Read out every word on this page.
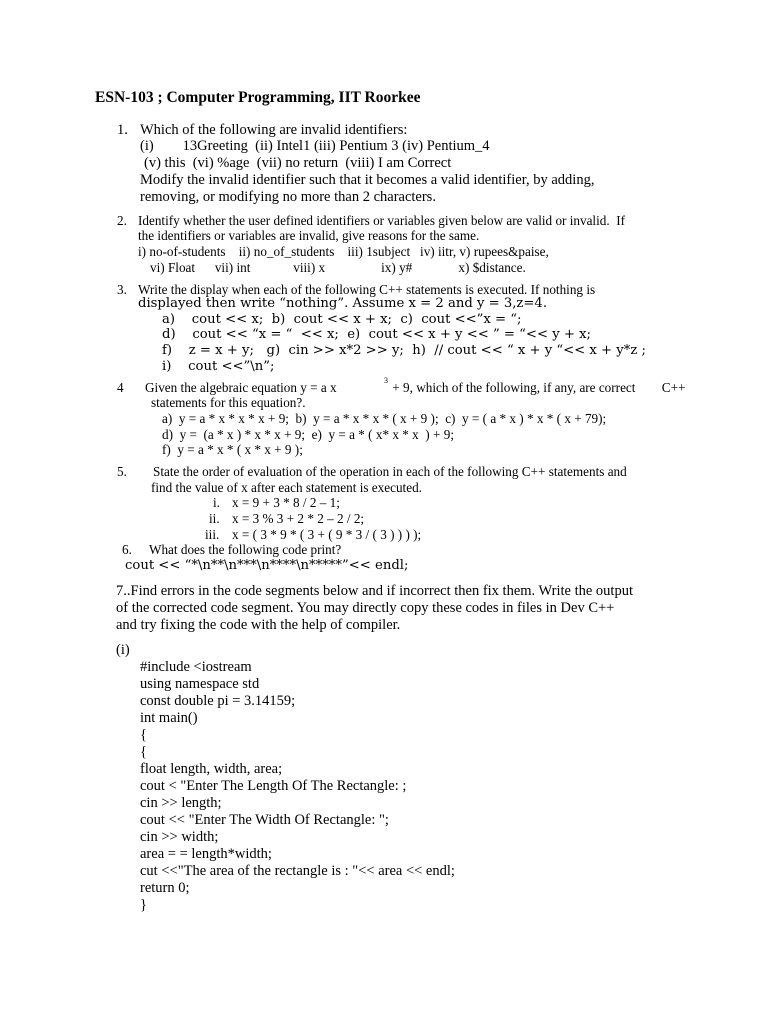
ESN-103 ; Computer Programming, IIT Roorkee
1. Which of the following are invalid identifiers:
(i)        13Greeting  (ii) Intel1 (iii) Pentium 3 (iv) Pentium_4
(v) this  (vi) %age  (vii) no return  (viii) I am Correct
Modify the invalid identifier such that it becomes a valid identifier, by adding,
removing, or modifying no more than 2 characters.
2. Identify whether the user defined identifiers or variables given below are valid or invalid.  If
the identifiers or variables are invalid, give reasons for the same.
i) no-of-students    ii) no_of_students    iii) 1subject   iv) iitr, v) rupees&paise,
vi) Float      vii) int             viii) x                 ix) y#              x) $distance.
3. Write the display when each of the following C++ statements is executed. If nothing is
displayed then write “nothing”. Assume x = 2 and y = 3,z=4.
a)    cout << x;  b)  cout << x + x;  c)  cout <<”x = “;
d)    cout << “x = “  << x;  e)  cout << x + y << ” = “<< y + x;
f)    z = x + y;   g)  cin >> x*2 >> y;  h)  // cout << “ x + y “<< x + y*z ;
i)    cout <<”\n”;
4 Given the algebraic equation y = a x	3 + 9, which of the following, if any, are correct        C++
statements for this equation?.
a)  y = a * x * x * x + 9;  b)  y = a * x * x * ( x + 9 );  c)  y = ( a * x ) * x * ( x + 79);
d)  y =  (a * x ) * x * x + 9;  e)  y = a * ( x* x * x  ) + 9;
f)  y = a * x * ( x * x + 9 );
5. State the order of evaluation of the operation in each of the following C++ statements and
find the value of x after each statement is executed.
i. x = 9 + 3 * 8 / 2 – 1;
ii. x = 3 % 3 + 2 * 2 – 2 / 2;
iii. x = ( 3 * 9 * ( 3 + ( 9 * 3 / ( 3 ) ) ) );
6. What does the following code print?
cout << “*\n**\n***\n****\n*****”<< endl;
7..Find errors in the code segments below and if incorrect then fix them. Write the output
of the corrected code segment. You may directly copy these codes in files in Dev C++
and try fixing the code with the help of compiler.
(i)
#include <iostream
using namespace std
const double pi = 3.14159;
int main()
{
{
float length, width, area;
cout < "Enter The Length Of The Rectangle: ;
cin >> length;
cout << "Enter The Width Of Rectangle: ";
cin >> width;
area = = length*width;
cut <<"The area of the rectangle is : "<< area << endl;
return 0;
}
